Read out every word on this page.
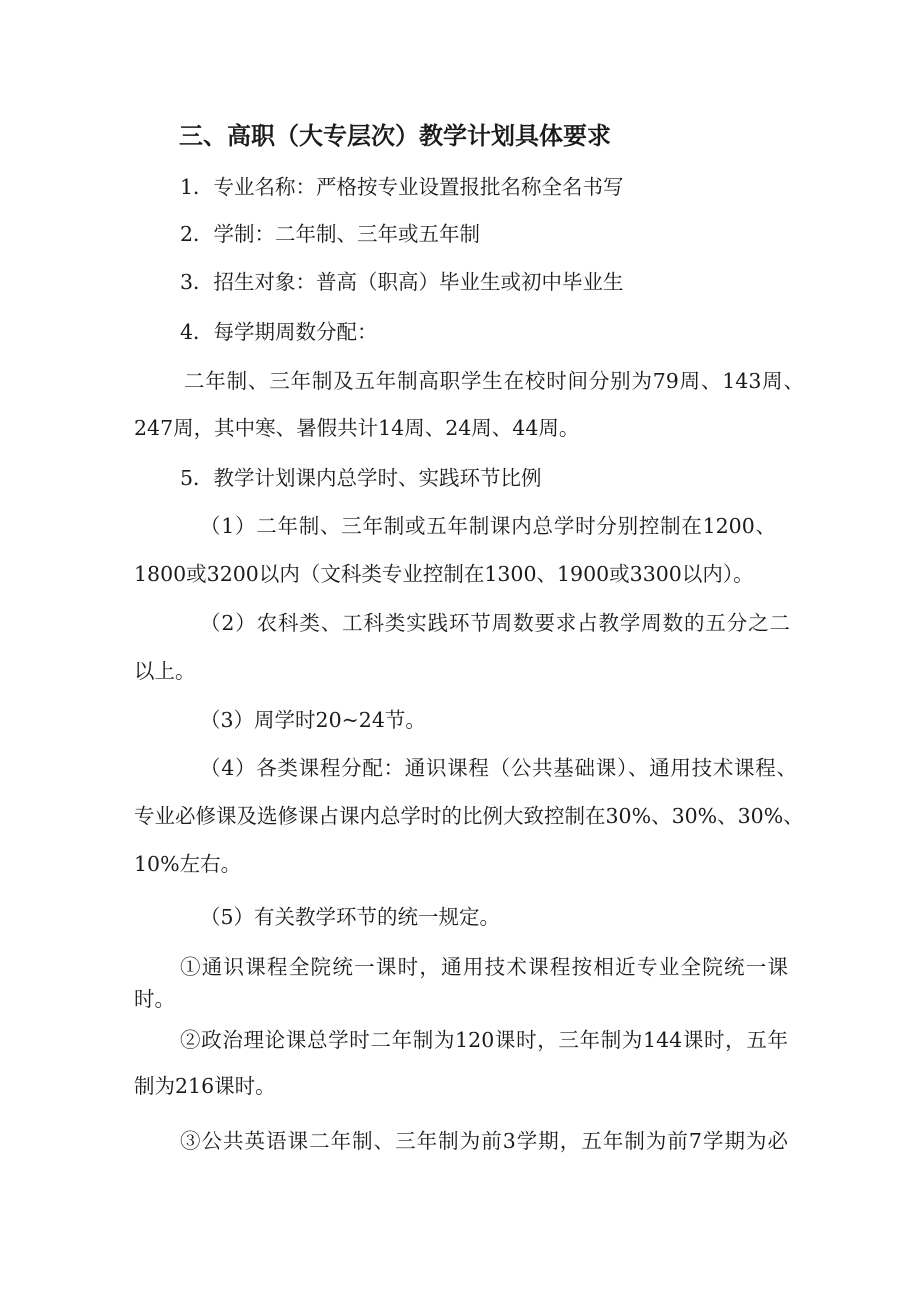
三、高职（大专层次）教学计划具体要求
1．专业名称：严格按专业设置报批名称全名书写
2．学制：二年制、三年或五年制
3．招生对象：普高（职高）毕业生或初中毕业生
4．每学期周数分配：
二年制、三年制及五年制高职学生在校时间分别为79周、143周、
247周，其中寒、暑假共计14周、24周、44周。
5．教学计划课内总学时、实践环节比例
（1）二年制、三年制或五年制课内总学时分别控制在1200、
1800或3200以内（文科类专业控制在1300、1900或3300以内）。
（2）农科类、工科类实践环节周数要求占教学周数的五分之二
以上。
（3）周学时20~24节。
（4）各类课程分配：通识课程（公共基础课）、通用技术课程、
专业必修课及选修课占课内总学时的比例大致控制在30%、30%、30%、
10%左右。
（5）有关教学环节的统一规定。
①通识课程全院统一课时，通用技术课程按相近专业全院统一课
时。
②政治理论课总学时二年制为120课时，三年制为144课时，五年
制为216课时。
③公共英语课二年制、三年制为前3学期，五年制为前7学期为必
